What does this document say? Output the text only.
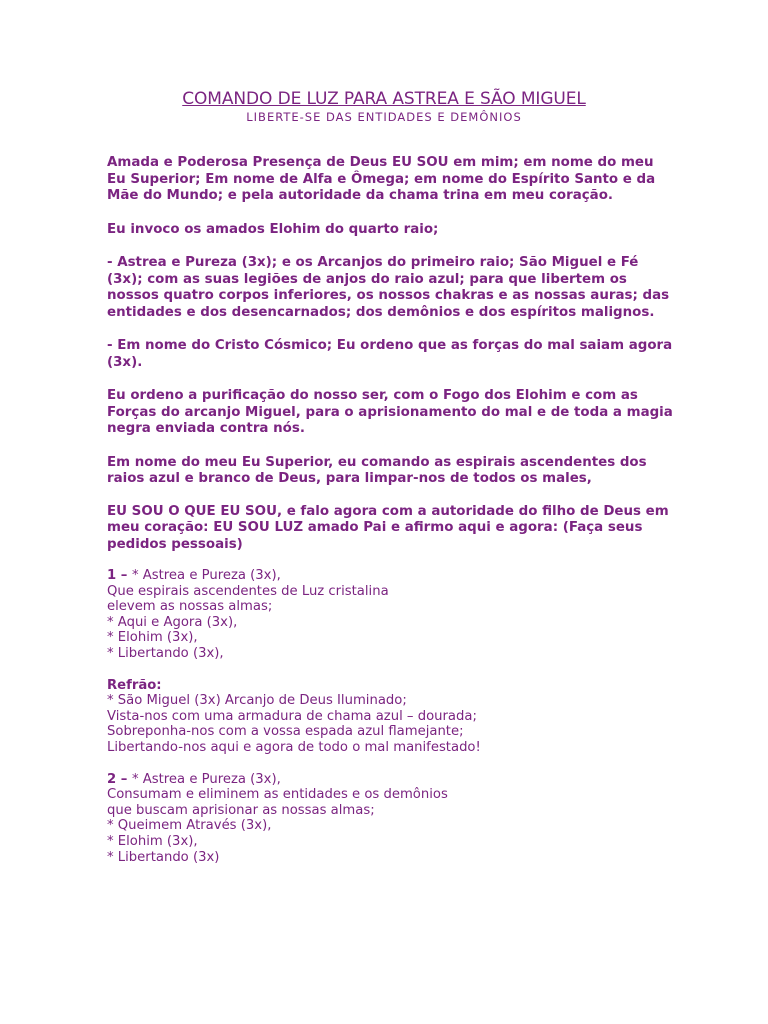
COMANDO DE LUZ PARA ASTREA E SÃO MIGUEL
LIBERTE-SE DAS ENTIDADES E DEMÔNIOS
Amada e Poderosa Presença de Deus EU SOU em mim; em nome do meu
Eu Superior; Em nome de Alfa e Ômega; em nome do Espírito Santo e da
Mãe do Mundo; e pela autoridade da chama trina em meu coração.
Eu invoco os amados Elohim do quarto raio;
- Astrea e Pureza (3x); e os Arcanjos do primeiro raio; São Miguel e Fé
(3x); com as suas legiões de anjos do raio azul; para que libertem os
nossos quatro corpos inferiores, os nossos chakras e as nossas auras; das
entidades e dos desencarnados; dos demônios e dos espíritos malignos.
- Em nome do Cristo Cósmico; Eu ordeno que as forças do mal saiam agora
(3x).
Eu ordeno a purificação do nosso ser, com o Fogo dos Elohim e com as
Forças do arcanjo Miguel, para o aprisionamento do mal e de toda a magia
negra enviada contra nós.
Em nome do meu Eu Superior, eu comando as espirais ascendentes dos
raios azul e branco de Deus, para limpar-nos de todos os males,
EU SOU O QUE EU SOU, e falo agora com a autoridade do filho de Deus em
meu coração: EU SOU LUZ amado Pai e afirmo aqui e agora: (Faça seus
pedidos pessoais)
1 – * Astrea e Pureza (3x),
Que espirais ascendentes de Luz cristalina
elevem as nossas almas;
* Aqui e Agora (3x),
* Elohim (3x),
* Libertando (3x),
Refrão:
* São Miguel (3x) Arcanjo de Deus Iluminado;
Vista-nos com uma armadura de chama azul – dourada;
Sobreponha-nos com a vossa espada azul flamejante;
Libertando-nos aqui e agora de todo o mal manifestado!
2 – * Astrea e Pureza (3x),
Consumam e eliminem as entidades e os demônios
que buscam aprisionar as nossas almas;
* Queimem Através (3x),
* Elohim (3x),
* Libertando (3x)
